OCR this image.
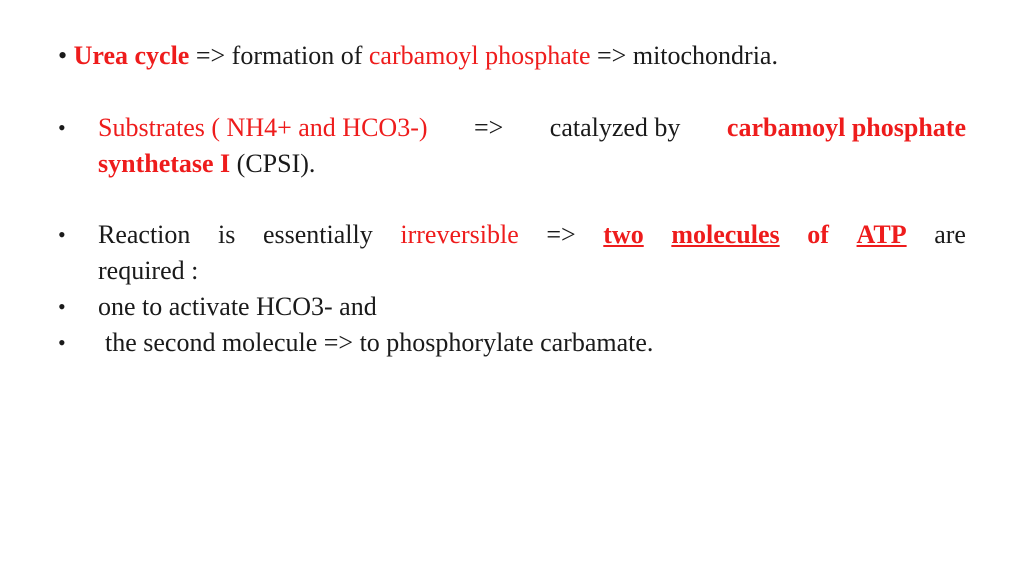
• Urea cycle => formation of carbamoyl phosphate => mitochondria.
• Substrates ( NH4+ and HCO3-) => catalyzed by carbamoyl phosphate
synthetase I (CPSI).
• Reaction is essentially irreversible => two molecules of ATP are
required :
• one to activate HCO3- and
• the second molecule => to phosphorylate carbamate.
